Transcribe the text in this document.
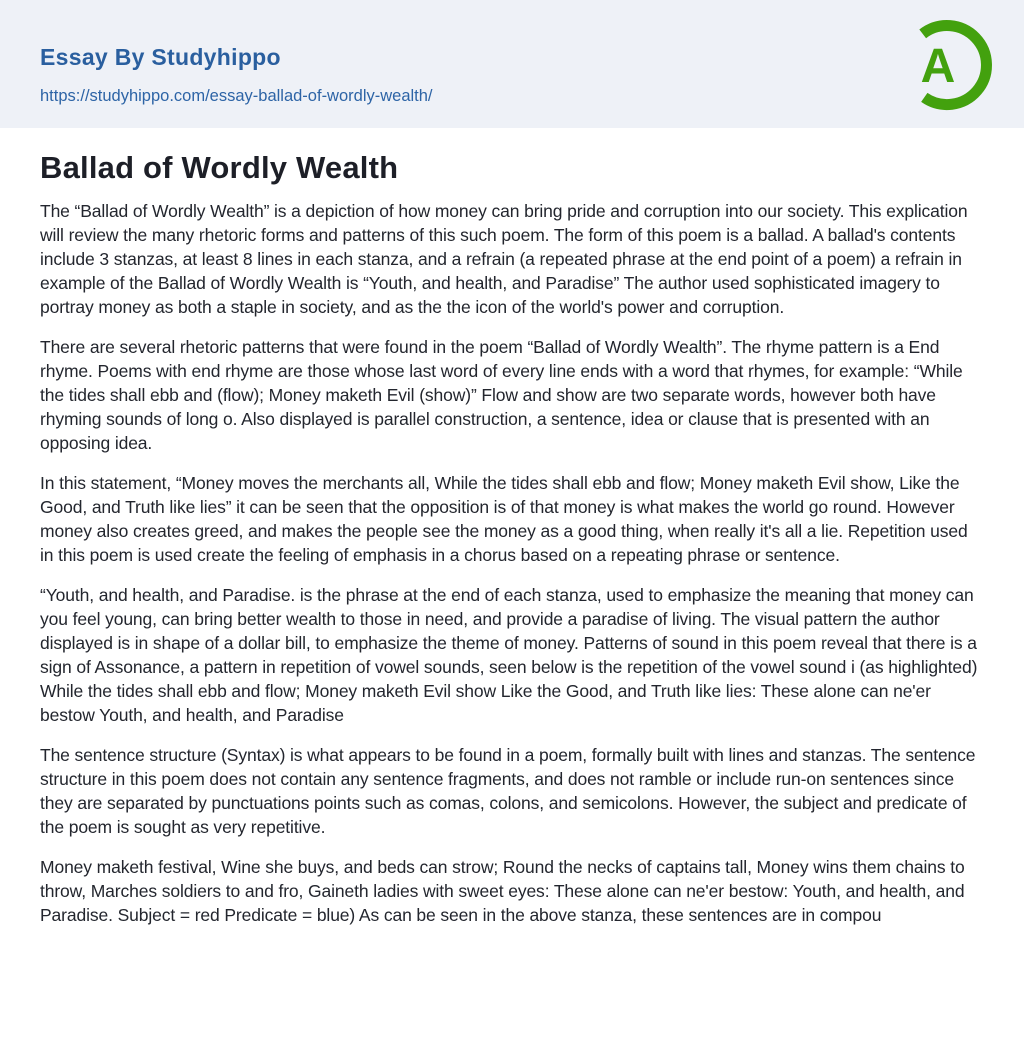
Essay By Studyhippo
https://studyhippo.com/essay-ballad-of-wordly-wealth/
A
Ballad of Wordly Wealth

The “Ballad of Wordly Wealth” is a depiction of how money can bring pride and corruption into our society. This explication will review the many rhetoric forms and patterns of this such poem. The form of this poem is a ballad. A ballad's contents include 3 stanzas, at least 8 lines in each stanza, and a refrain (a repeated phrase at the end point of a poem) a refrain in example of the Ballad of Wordly Wealth is “Youth, and health, and Paradise” The author used sophisticated imagery to portray money as both a staple in society, and as the the icon of the world's power and corruption.

There are several rhetoric patterns that were found in the poem “Ballad of Wordly Wealth”. The rhyme pattern is a End rhyme. Poems with end rhyme are those whose last word of every line ends with a word that rhymes, for example: “While the tides shall ebb and (flow); Money maketh Evil (show)” Flow and show are two separate words, however both have rhyming sounds of long o. Also displayed is parallel construction, a sentence, idea or clause that is presented with an opposing idea.

In this statement, “Money moves the merchants all, While the tides shall ebb and flow; Money maketh Evil show, Like the Good, and Truth like lies” it can be seen that the opposition is of that money is what makes the world go round. However money also creates greed, and makes the people see the money as a good thing, when really it's all a lie. Repetition used in this poem is used create the feeling of emphasis in a chorus based on a repeating phrase or sentence.

“Youth, and health, and Paradise. is the phrase at the end of each stanza, used to emphasize the meaning that money can you feel young, can bring better wealth to those in need, and provide a paradise of living. The visual pattern the author displayed is in shape of a dollar bill, to emphasize the theme of money. Patterns of sound in this poem reveal that there is a sign of Assonance, a pattern in repetition of vowel sounds, seen below is the repetition of the vowel sound i (as highlighted) While the tides shall ebb and flow; Money maketh Evil show Like the Good, and Truth like lies: These alone can ne'er bestow Youth, and health, and Paradise

The sentence structure (Syntax) is what appears to be found in a poem, formally built with lines and stanzas. The sentence structure in this poem does not contain any sentence fragments, and does not ramble or include run-on sentences since they are separated by punctuations points such as comas, colons, and semicolons. However, the subject and predicate of the poem is sought as very repetitive.

Money maketh festival, Wine she buys, and beds can strow; Round the necks of captains tall, Money wins them chains to throw, Marches soldiers to and fro, Gaineth ladies with sweet eyes: These alone can ne'er bestow: Youth, and health, and Paradise. Subject = red Predicate = blue) As can be seen in the above stanza, these sentences are in compou
